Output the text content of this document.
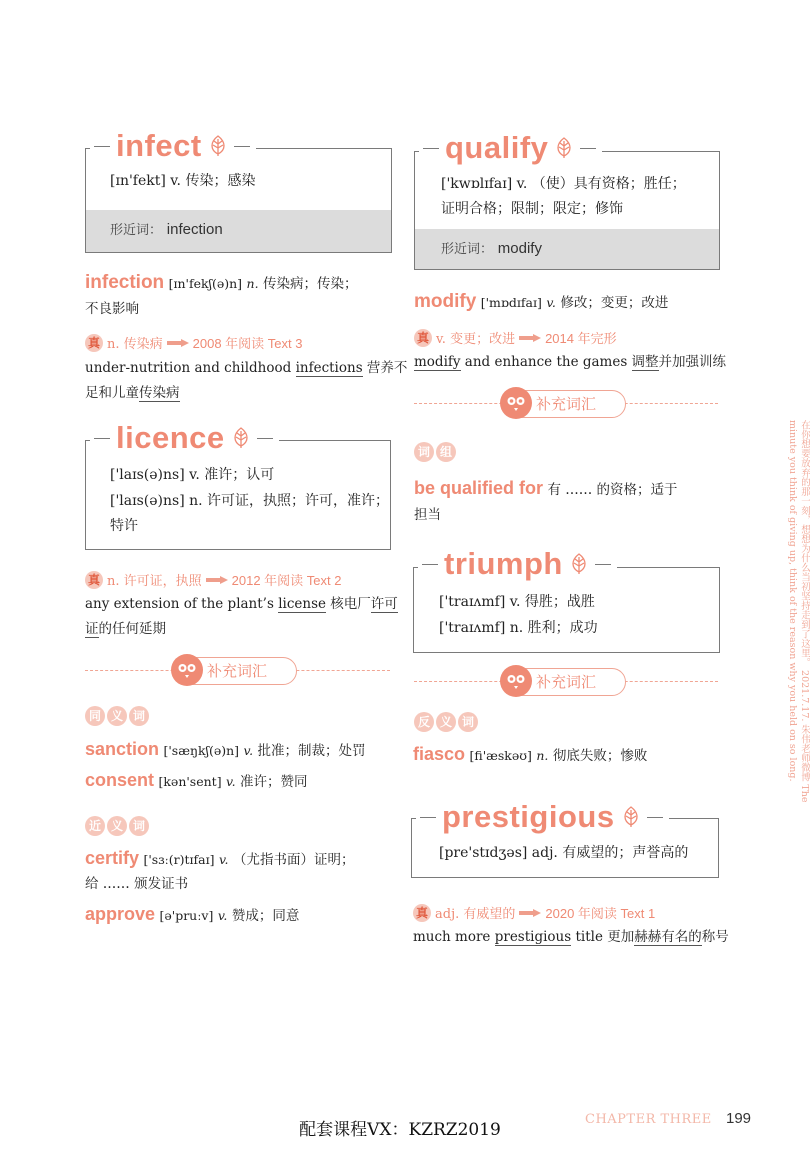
[ɪn'fekt] v. 传染；感染
形近词： infection
infect
infection [ɪn'fekʃ(ə)n] n. 传染病；传染；
不良影响
真 n. 传染病 2008 年阅读 Text 3
under-nutrition and childhood infections 营养不
足和儿童传染病
['laɪs(ə)ns] v. 准许；认可
['laɪs(ə)ns] n. 许可证，执照；许可，准许；
特许
licence
真 n. 许可证，执照 2012 年阅读 Text 2
any extension of the plant’s license 核电厂许可
证的任何延期
补充词汇
同 义 词
sanction ['sæŋkʃ(ə)n] v. 批准；制裁；处罚
consent [kən'sent] v. 准许；赞同
近 义 词
certify ['sɜː(r)tɪfaɪ] v. （尤指书面）证明；
给 …… 颁发证书
approve [ə'pruːv] v. 赞成；同意
['kwɒlɪfaɪ] v. （使）具有资格；胜任；
证明合格；限制；限定；修饰
形近词： modify
qualify
modify ['mɒdɪfaɪ] v. 修改；变更；改进
真 v. 变更；改进 2014 年完形
modify and enhance the games 调整并加强训练
补充词汇
词 组
be qualified for 有 …… 的资格；适于
担当
['traɪʌmf] v. 得胜；战胜
['traɪʌmf] n. 胜利；成功
triumph
补充词汇
反 义 词
fiasco [fi'æskəʊ] n. 彻底失败；惨败
[pre'stɪdʒəs] adj. 有威望的；声誉高的
prestigious
真 adj. 有威望的 2020 年阅读 Text 1
much more prestigious title 更加赫赫有名的称号
在你想要放弃的那一刻，想想为什么当初坚持走到了这里。 2021.7.17. 朱伟老师微博 The minute you think of giving up, think of the reason why you held on so long.
配套课程VX：KZRZ2019
CHAPTER THREE 199
